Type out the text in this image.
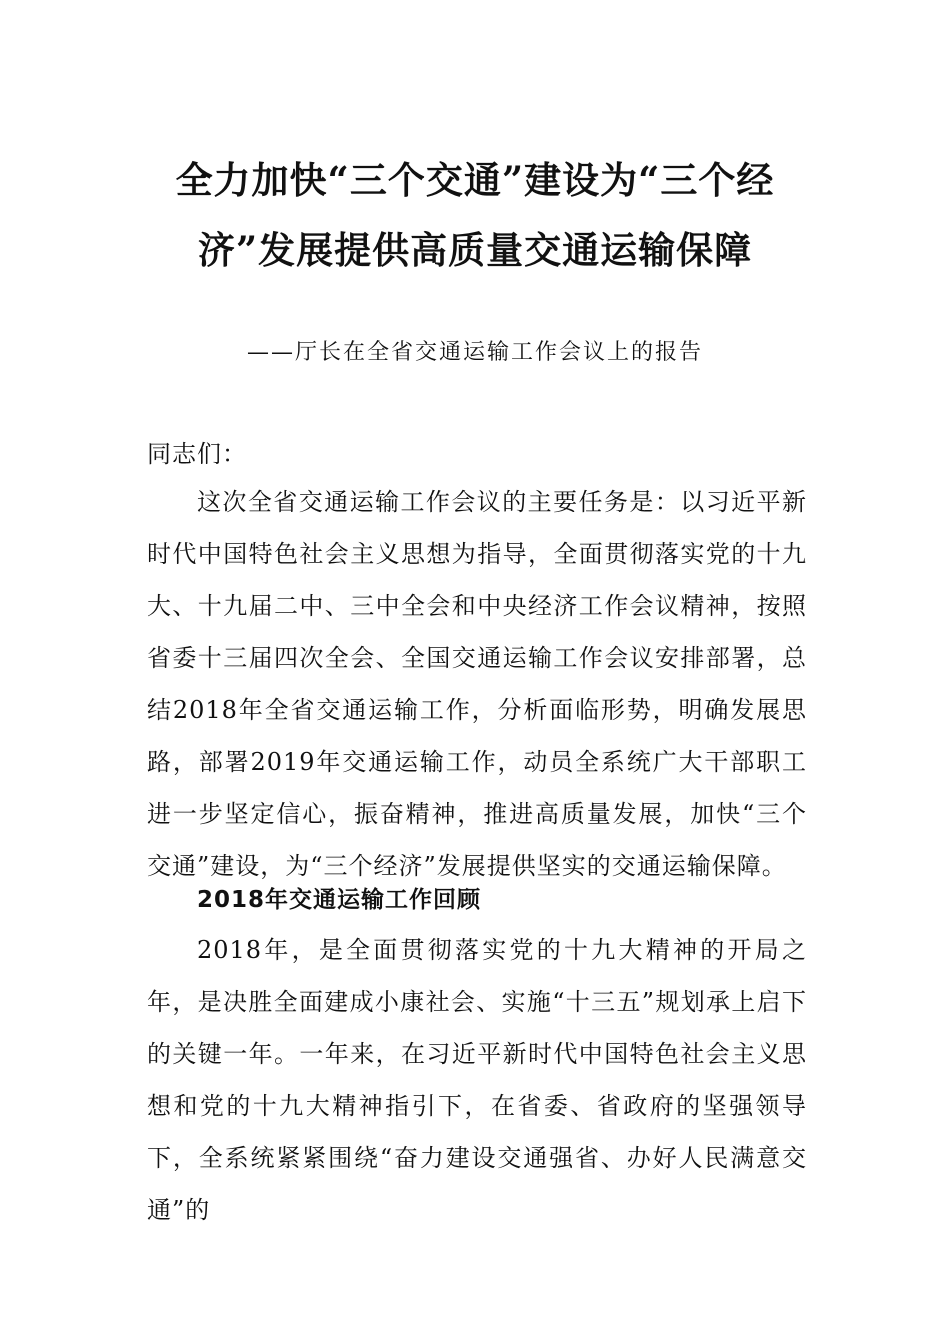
全力加快“三个交通”建设为“三个经
济”发展提供高质量交通运输保障
——厅长在全省交通运输工作会议上的报告
同志们：
这次全省交通运输工作会议的主要任务是：以习近平新时代中国特色社会主义思想为指导，全面贯彻落实党的十九大、十九届二中、三中全会和中央经济工作会议精神，按照省委十三届四次全会、全国交通运输工作会议安排部署，总结2018年全省交通运输工作，分析面临形势，明确发展思路，部署2019年交通运输工作，动员全系统广大干部职工进一步坚定信心，振奋精神，推进高质量发展，加快“三个交通”建设，为“三个经济”发展提供坚实的交通运输保障。
2018年交通运输工作回顾
2018年，是全面贯彻落实党的十九大精神的开局之年，是决胜全面建成小康社会、实施“十三五”规划承上启下的关键一年。一年来，在习近平新时代中国特色社会主义思想和党的十九大精神指引下，在省委、省政府的坚强领导下，全系统紧紧围绕“奋力建设交通强省、办好人民满意交通”的
